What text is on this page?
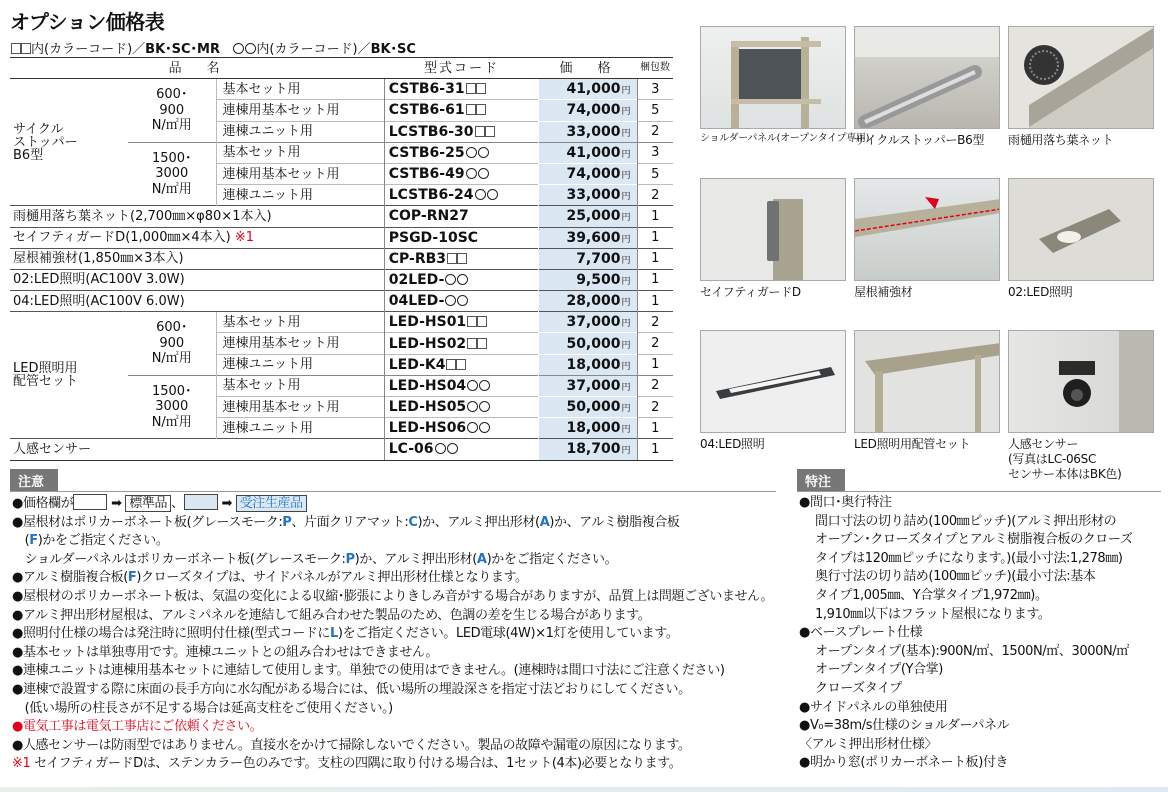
オプション価格表
内(カラーコード)／BK･SC･MR	内(カラーコード)／BK･SC
品　名			型式コード	価　格	梱包数
サイクル
ストッパー
B6型	600･
900
N/㎡用	基本セット用	CSTB6-31	41,000円	3
		連棟用基本セット用	CSTB6-61	74,000円	5
		連棟ユニット用	LCSTB6-30	33,000円	2
	1500･
3000
N/㎡用	基本セット用	CSTB6-25	41,000円	3
		連棟用基本セット用	CSTB6-49	74,000円	5
		連棟ユニット用	LCSTB6-24	33,000円	2
雨樋用落ち葉ネット(2,700㎜×φ80×1本入)			COP-RN27	25,000円	1
セイフティガードD(1,000㎜×4本入) ※1			PSGD-10SC	39,600円	1
屋根補強材(1,850㎜×3本入)			CP-RB3	7,700円	1
02:LED照明(AC100V 3.0W)			02LED-	9,500円	1
04:LED照明(AC100V 6.0W)			04LED-	28,000円	1
LED照明用
配管セット	600･
900
N/㎡用	基本セット用	LED-HS01	37,000円	2
		連棟用基本セット用	LED-HS02	50,000円	2
		連棟ユニット用	LED-K4	18,000円	1
	1500･
3000
N/㎡用	基本セット用	LED-HS04	37,000円	2
		連棟用基本セット用	LED-HS05	50,000円	2
		連棟ユニット用	LED-HS06	18,000円	1
人感センサー			LC-06	18,700円	1
ショルダーパネル(オープンタイプ専用)
サイクルストッパーB6型	雨樋用落ち葉ネット
セイフティガードD	屋根補強材	02:LED照明
04:LED照明	LED照明用配管セット	人感センサー
(写真はLC-06SC
センサー本体はBK色)
注意	特注
●価格欄が	➡ 標準品 、	➡ 受注生産品
●屋根材はポリカーボネート板(グレースモーク:P、片面クリアマット:C)か、アルミ押出形材(A)か、アルミ樹脂複合板
　(F)かをご指定ください。
　ショルダーパネルはポリカーボネート板(グレースモーク:P)か、アルミ押出形材(A)かをご指定ください。
●アルミ樹脂複合板(F)クローズタイプは、サイドパネルがアルミ押出形材仕様となります。
●屋根材のポリカーボネート板は、気温の変化による収縮･膨張によりきしみ音がする場合がありますが、品質上は問題ございません。
●アルミ押出形材屋根は、アルミパネルを連結して組み合わせた製品のため、色調の差を生じる場合があります。
●照明付仕様の場合は発注時に照明付仕様(型式コードにL)をご指定ください。LED電球(4W)×1灯を使用しています。
●基本セットは単独専用です。連棟ユニットとの組み合わせはできません。
●連棟ユニットは連棟用基本セットに連結して使用します。単独での使用はできません。(連棟時は間口寸法にご注意ください)
●連棟で設置する際に床面の長手方向に水勾配がある場合には、低い場所の埋設深さを指定寸法どおりにしてください。
　(低い場所の柱長さが不足する場合は延高支柱をご使用ください。)
●電気工事は電気工事店にご依頼ください。
●人感センサーは防雨型ではありません。直接水をかけて掃除しないでください。製品の故障や漏電の原因になります。
※1 セイフティガードDは、ステンカラー色のみです。支柱の四隅に取り付ける場合は、1セット(4本)必要となります。
●間口･奥行特注
間口寸法の切り詰め(100㎜ピッチ)(アルミ押出形材の
オープン･クローズタイプとアルミ樹脂複合板のクローズ
タイプは120㎜ピッチになります。)(最小寸法:1,278㎜)
奥行寸法の切り詰め(100㎜ピッチ)(最小寸法:基本
タイプ1,005㎜、Y合掌タイプ1,972㎜)。
1,910㎜以下はフラット屋根になります。
●ベースプレート仕様
オープンタイプ(基本):900N/㎡、1500N/㎡、3000N/㎡
オープンタイプ(Y合掌)
クローズタイプ
●サイドパネルの単独使用
●V₀=38m/s仕様のショルダーパネル
〈アルミ押出形材仕様〉
●明かり窓(ポリカーボネート板)付き
